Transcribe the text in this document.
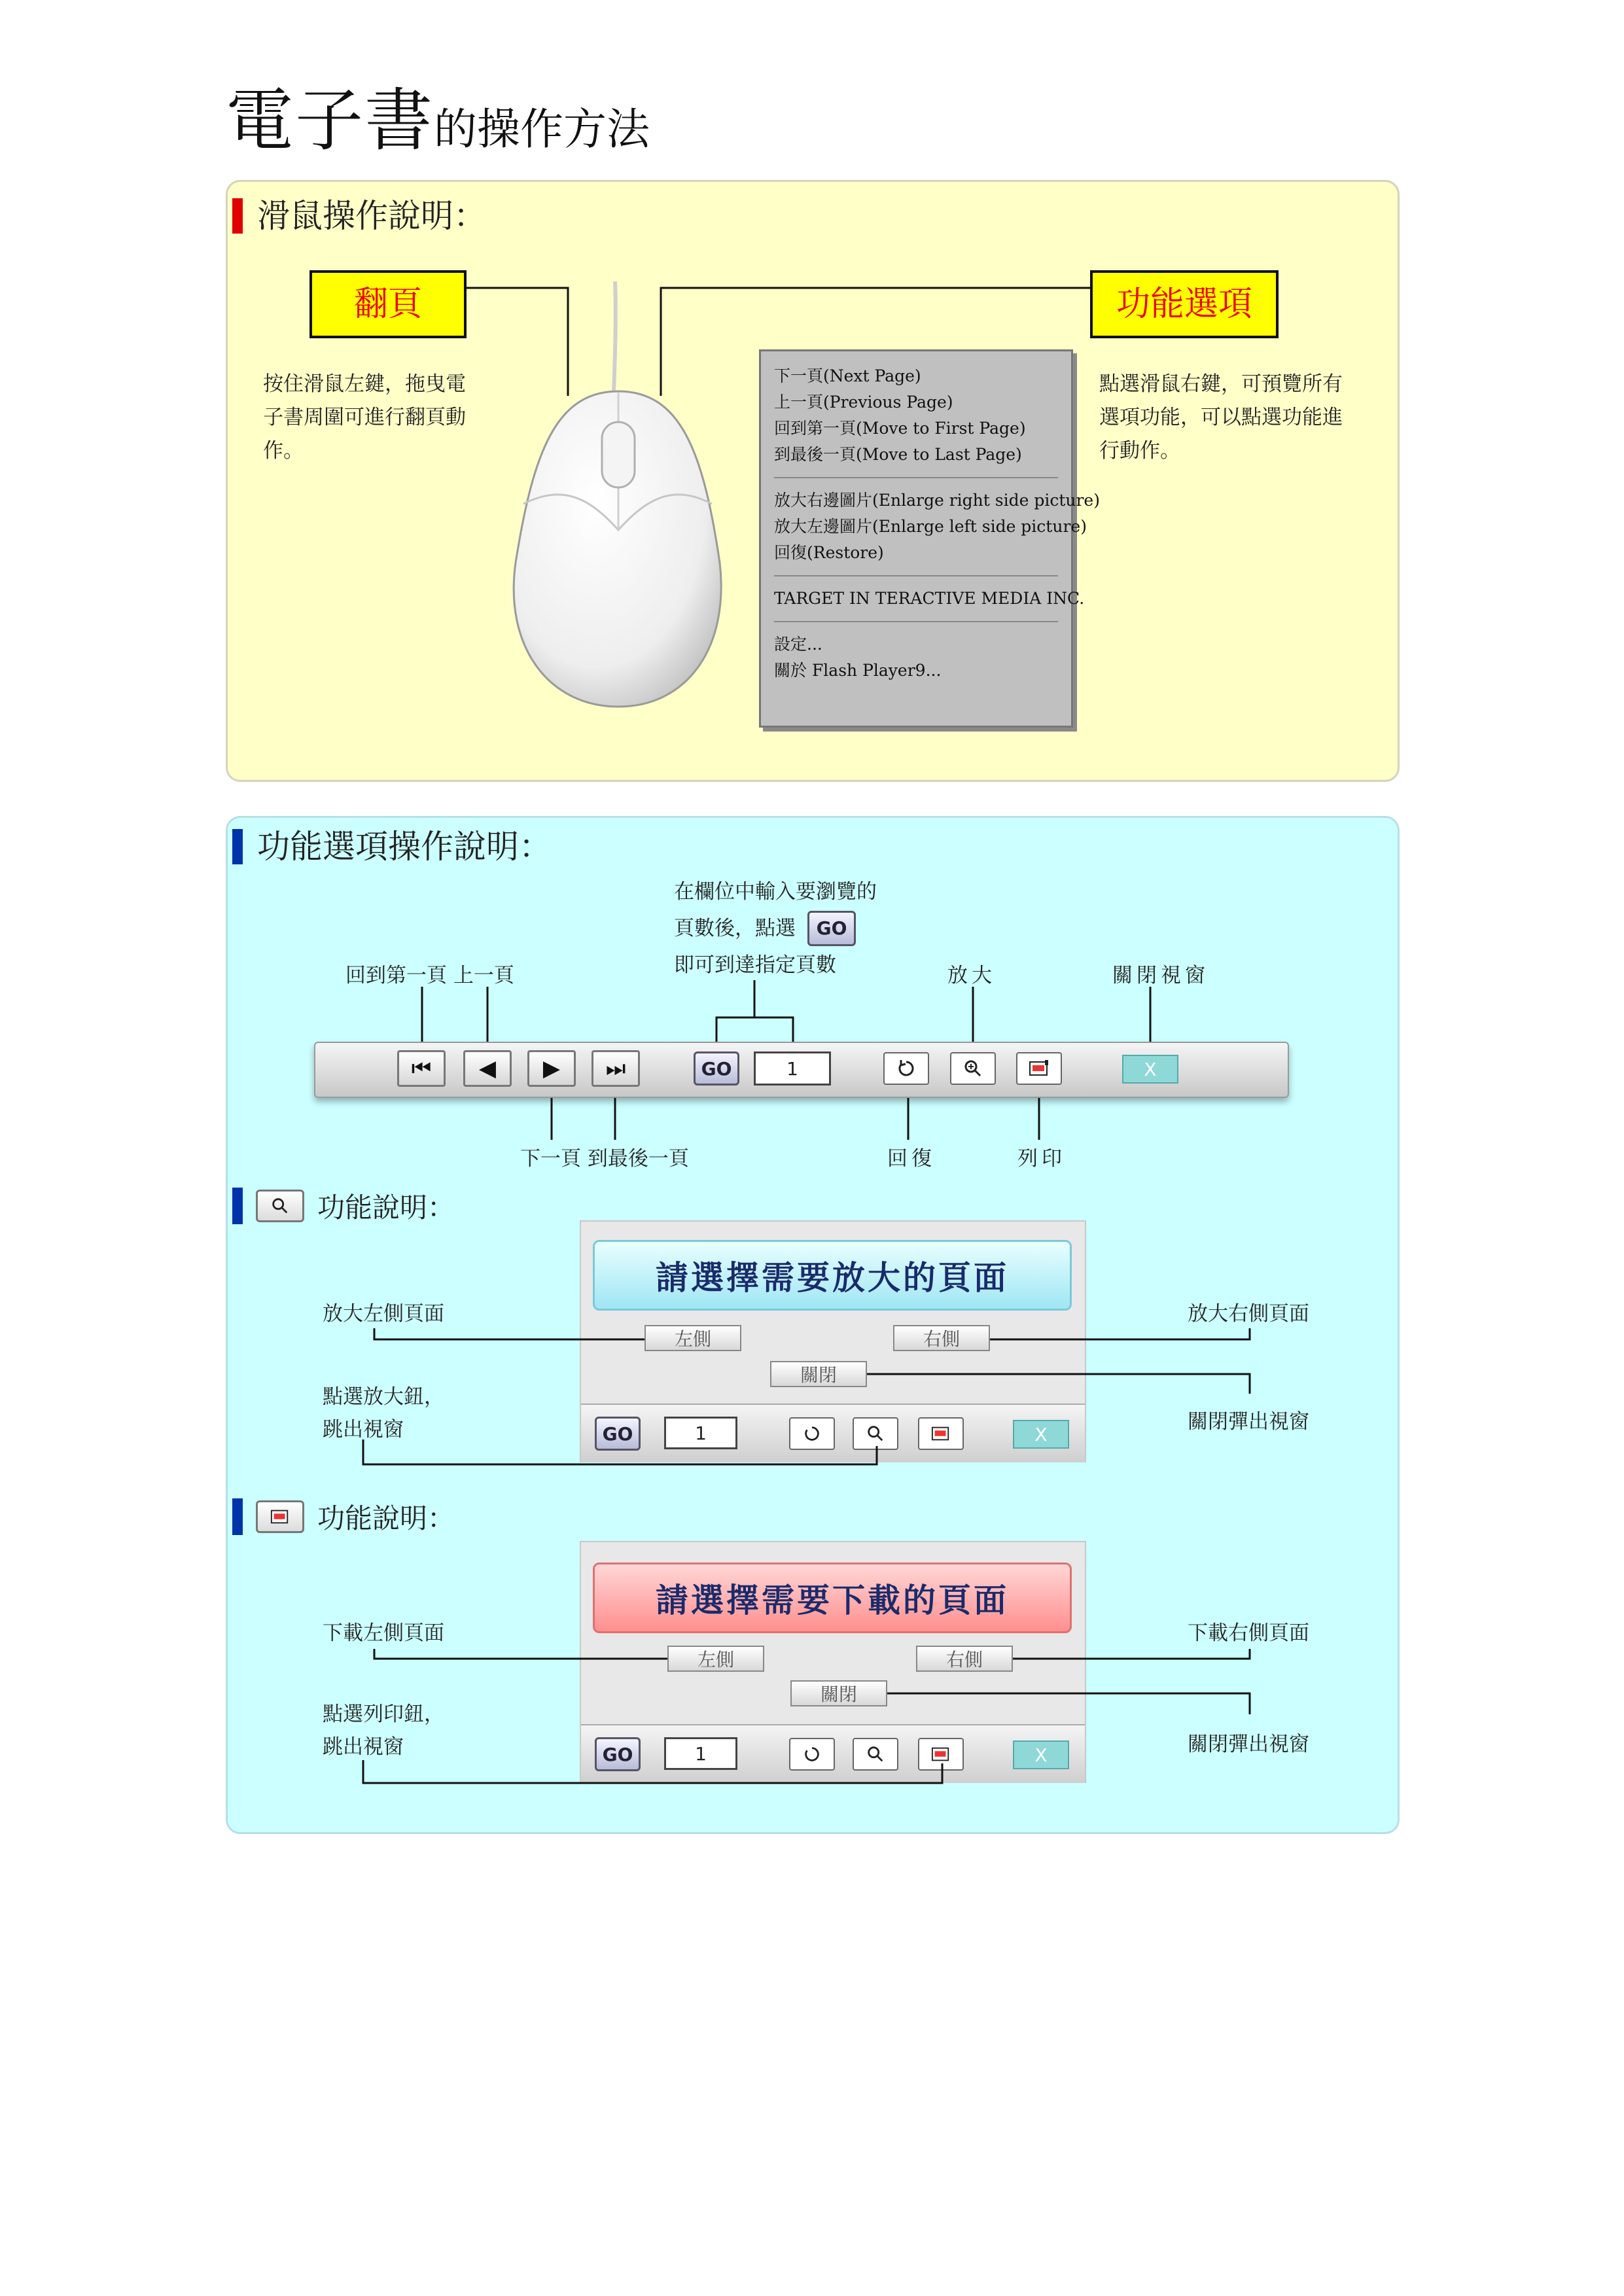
電子書的操作方法
滑鼠操作說明：
翻頁	功能選項
按住滑鼠左鍵，拖曳電
子書周圍可進行翻頁動
作。
點選滑鼠右鍵，可預覽所有
選項功能，可以點選功能進
行動作。
下一頁(Next Page)
上一頁(Previous Page)
回到第一頁(Move to First Page)
到最後一頁(Move to Last Page)
放大右邊圖片(Enlarge right side picture)
放大左邊圖片(Enlarge left side picture)
回復(Restore)
TARGET IN TERACTIVE MEDIA INC.
設定...
關於 Flash Player9...
功能選項操作說明：
在欄位中輸入要瀏覽的
頁數後，點選	GO
即可到達指定頁數
回到第一頁 上一頁	放大	關閉視窗
下一頁 到最後一頁	回復	列印
⏮	◀	▶	⏭	GO	1	X
功能說明：
請選擇需要放大的頁面
左側	右側
關閉
GO	1	X
放大左側頁面	放大右側頁面
點選放大鈕，
跳出視窗	關閉彈出視窗
功能說明：
請選擇需要下載的頁面
左側	右側
關閉
GO	1	X
下載左側頁面	下載右側頁面
點選列印鈕，
跳出視窗	關閉彈出視窗
